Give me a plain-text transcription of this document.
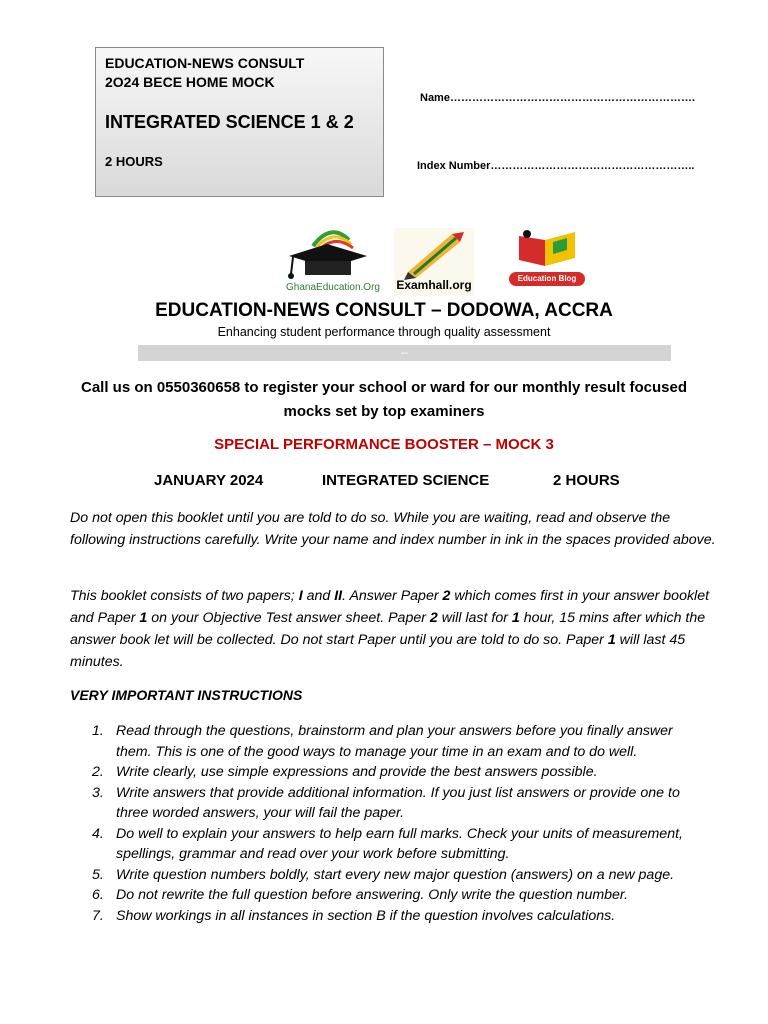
EDUCATION-NEWS CONSULT
2O24 BECE HOME MOCK
INTEGRATED SCIENCE 1 & 2
2 HOURS
Name………………………………………………………….
Index Number………………………………………………..
GhanaEducation.Org Examhall.org	Education Blog
EDUCATION-NEWS CONSULT – DODOWA, ACCRA
Enhancing student performance through quality assessment
–
Call us on 0550360658 to register your school or ward for our monthly result focused
mocks set by top examiners
SPECIAL PERFORMANCE BOOSTER – MOCK 3
JANUARY 2024	INTEGRATED SCIENCE	2 HOURS
Do not open this booklet until you are told to do so. While you are waiting, read and observe the following instructions carefully. Write your name and index number in ink in the spaces provided above.
This booklet consists of two papers; I and II. Answer Paper 2 which comes first in your answer booklet and Paper 1 on your Objective Test answer sheet. Paper 2 will last for 1 hour, 15 mins after which the answer book let will be collected. Do not start Paper until you are told to do so. Paper 1 will last 45 minutes.
VERY IMPORTANT INSTRUCTIONS
1. Read through the questions, brainstorm and plan your answers before you finally answer them. This is one of the good ways to manage your time in an exam and to do well.
2. Write clearly, use simple expressions and provide the best answers possible.
3. Write answers that provide additional information. If you just list answers or provide one to three worded answers, your will fail the paper.
4. Do well to explain your answers to help earn full marks. Check your units of measurement, spellings, grammar and read over your work before submitting.
5. Write question numbers boldly, start every new major question (answers) on a new page.
6. Do not rewrite the full question before answering. Only write the question number.
7. Show workings in all instances in section B if the question involves calculations.
